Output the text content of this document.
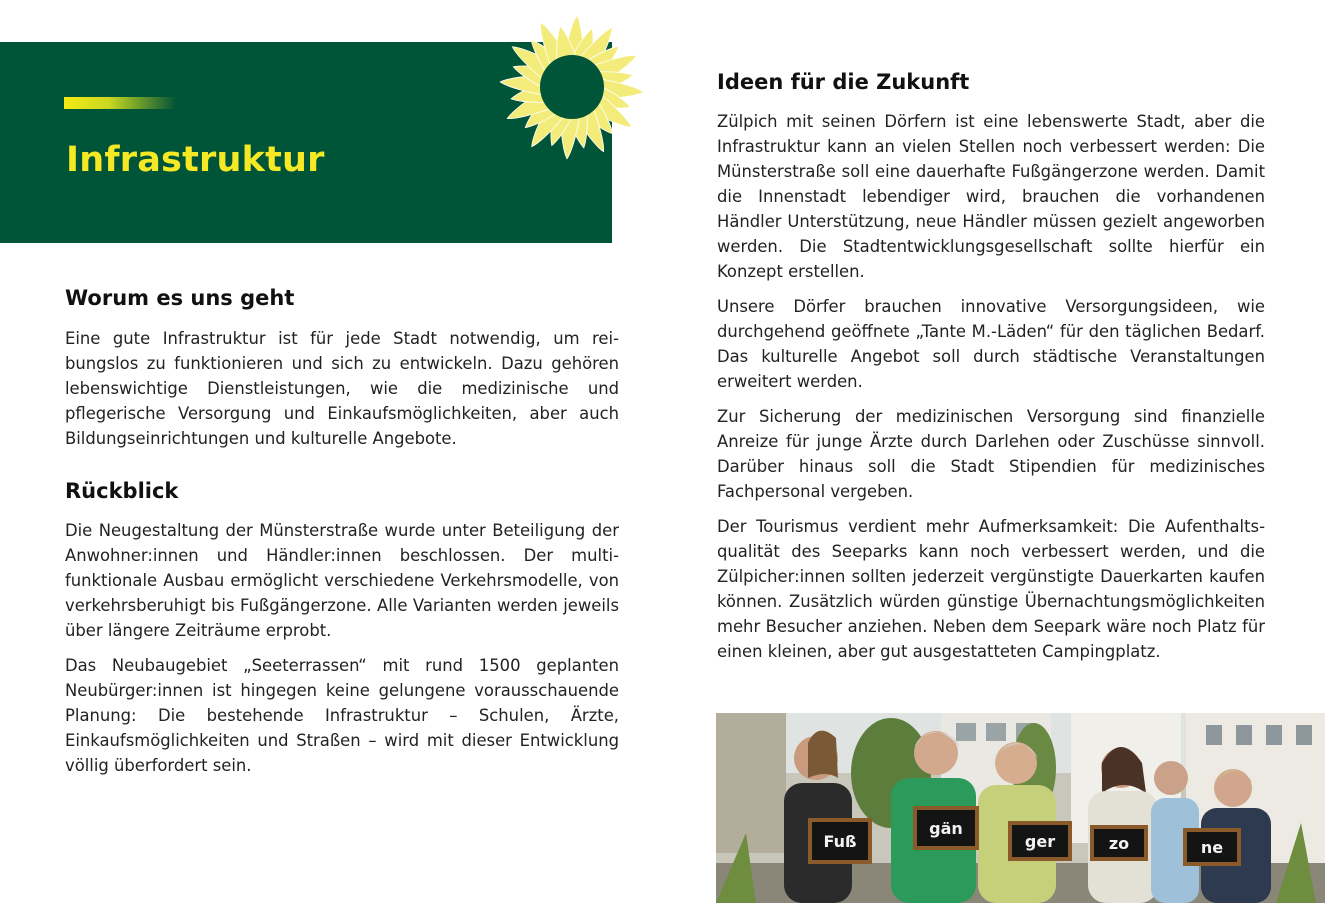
Infrastruktur
Worum es uns geht

Eine gute Infrastruktur ist für jede Stadt notwendig, um reibungslos zu funktionieren und sich zu entwickeln. Dazu gehören lebenswichtige Dienstleistungen, wie die medizinische und pflegerische Versorgung und Einkaufsmöglichkeiten, aber auch Bildungseinrichtungen und kulturelle Angebote.

Rückblick

Die Neugestaltung der Münsterstraße wurde unter Beteiligung der Anwohner:innen und Händler:innen beschlossen. Der multifunktionale Ausbau ermöglicht verschiedene Verkehrsmodelle, von verkehrsberuhigt bis Fußgängerzone. Alle Varianten werden jeweils über längere Zeiträume erprobt.

Das Neubaugebiet „Seeterrassen“ mit rund 1500 geplanten Neubürger:innen ist hingegen keine gelungene vorausschauende Planung: Die bestehende Infrastruktur – Schulen, Ärzte, Einkaufsmöglichkeiten und Straßen – wird mit dieser Entwicklung völlig überfordert sein.

Ideen für die Zukunft

Zülpich mit seinen Dörfern ist eine lebenswerte Stadt, aber die Infrastruktur kann an vielen Stellen noch verbessert werden: Die Münsterstraße soll eine dauerhafte Fußgängerzone werden. Damit die Innenstadt lebendiger wird, brauchen die vorhandenen Händler Unterstützung, neue Händler müssen gezielt angeworben werden. Die Stadtentwicklungsgesellschaft sollte hierfür ein Konzept erstellen.

Unsere Dörfer brauchen innovative Versorgungsideen, wie durchgehend geöffnete „Tante M.-Läden“ für den täglichen Bedarf. Das kulturelle Angebot soll durch städtische Veranstaltungen erweitert werden.

Zur Sicherung der medizinischen Versorgung sind finanzielle Anreize für junge Ärzte durch Darlehen oder Zuschüsse sinnvoll. Darüber hinaus soll die Stadt Stipendien für medizinisches Fachpersonal vergeben.

Der Tourismus verdient mehr Aufmerksamkeit: Die Aufenthaltsqualität des Seeparks kann noch verbessert werden, und die Zülpicher:innen sollten jederzeit vergünstigte Dauerkarten kaufen können. Zusätzlich würden günstige Übernachtungsmöglichkeiten mehr Besucher anziehen. Neben dem Seepark wäre noch Platz für einen kleinen, aber gut ausgestatteten Campingplatz.

Fuß
gän
ger	zo	ne
